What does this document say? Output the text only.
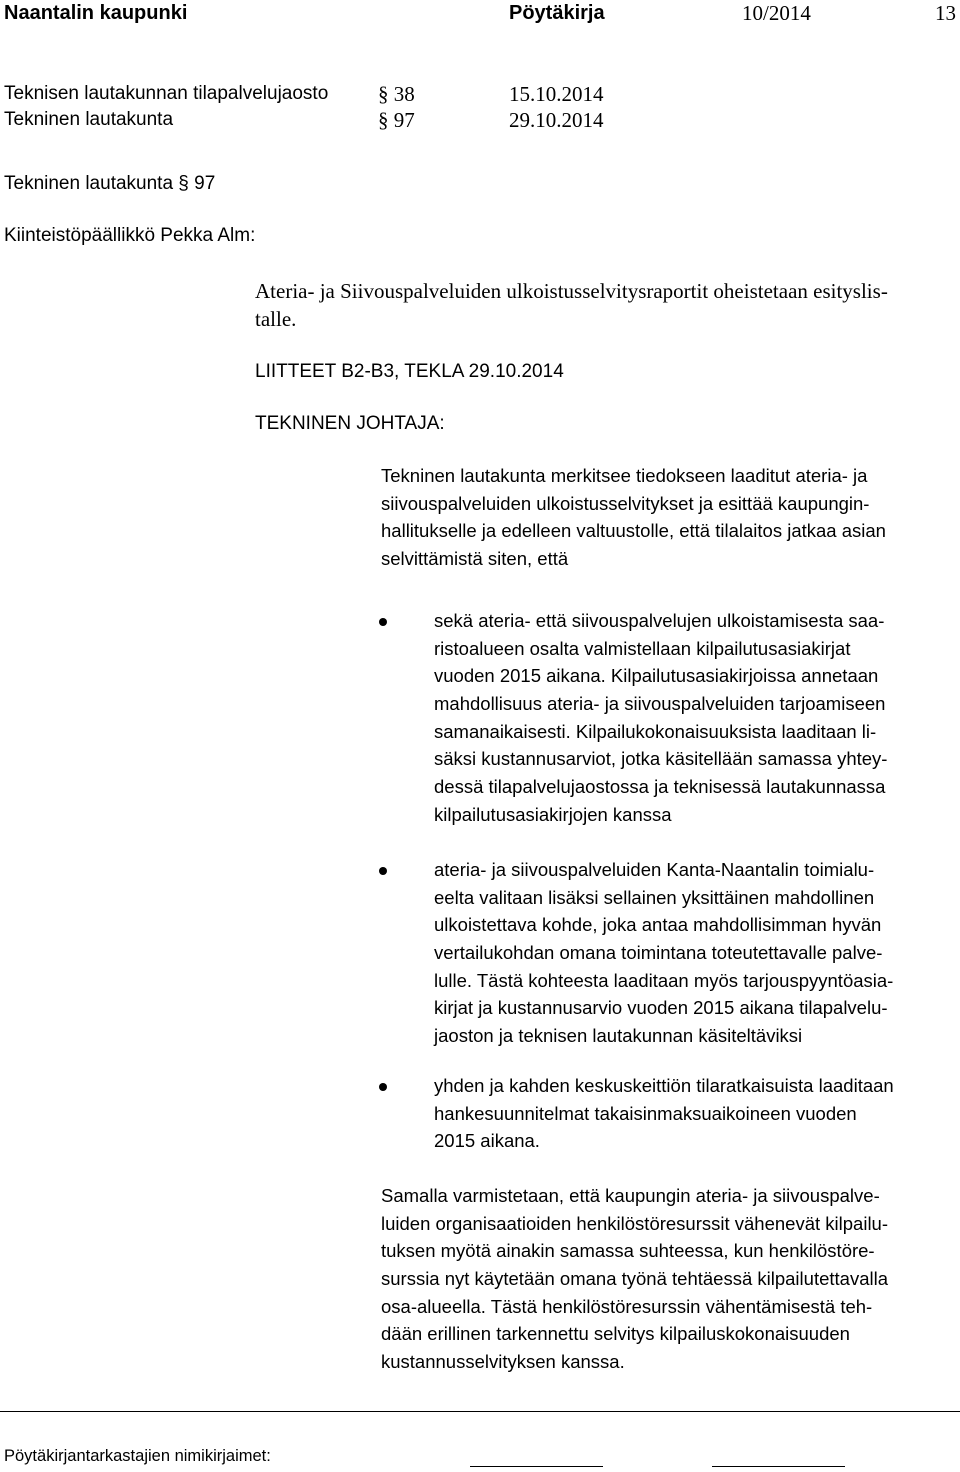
Naantalin kaupunki	Pöytäkirja	10/2014	13
Teknisen lautakunnan tilapalvelujaosto § 38	15.10.2014
Tekninen lautakunta	§ 97	29.10.2014
Tekninen lautakunta § 97
Kiinteistöpäällikkö Pekka Alm:
Ateria- ja Siivouspalveluiden ulkoistusselvitysraportit oheistetaan esityslis-
talle.
LIITTEET B2-B3, TEKLA 29.10.2014
TEKNINEN JOHTAJA:
Tekninen lautakunta merkitsee tiedokseen laaditut ateria- ja
siivouspalveluiden ulkoistusselvitykset ja esittää kaupungin-
hallitukselle ja edelleen valtuustolle, että tilalaitos jatkaa asian
selvittämistä siten, että
sekä ateria- että siivouspalvelujen ulkoistamisesta saa-
ristoalueen osalta valmistellaan kilpailutusasiakirjat
vuoden 2015 aikana. Kilpailutusasiakirjoissa annetaan
mahdollisuus ateria- ja siivouspalveluiden tarjoamiseen
samanaikaisesti. Kilpailukokonaisuuksista laaditaan li-
säksi kustannusarviot, jotka käsitellään samassa yhtey-
dessä tilapalvelujaostossa ja teknisessä lautakunnassa
kilpailutusasiakirjojen kanssa
ateria- ja siivouspalveluiden Kanta-Naantalin toimialu-
eelta valitaan lisäksi sellainen yksittäinen mahdollinen
ulkoistettava kohde, joka antaa mahdollisimman hyvän
vertailukohdan omana toimintana toteutettavalle palve-
lulle. Tästä kohteesta laaditaan myös tarjouspyyntöasia-
kirjat ja kustannusarvio vuoden 2015 aikana tilapalvelu-
jaoston ja teknisen lautakunnan käsiteltäviksi
yhden ja kahden keskuskeittiön tilaratkaisuista laaditaan
hankesuunnitelmat takaisinmaksuaikoineen vuoden
2015 aikana.
Samalla varmistetaan, että kaupungin ateria- ja siivouspalve-
luiden organisaatioiden henkilöstöresurssit vähenevät kilpailu-
tuksen myötä ainakin samassa suhteessa, kun henkilöstöre-
surssia nyt käytetään omana työnä tehtäessä kilpailutettavalla
osa-alueella. Tästä henkilöstöresurssin vähentämisestä teh-
dään erillinen tarkennettu selvitys kilpailuskokonaisuuden
kustannusselvityksen kanssa.
Pöytäkirjantarkastajien nimikirjaimet:
